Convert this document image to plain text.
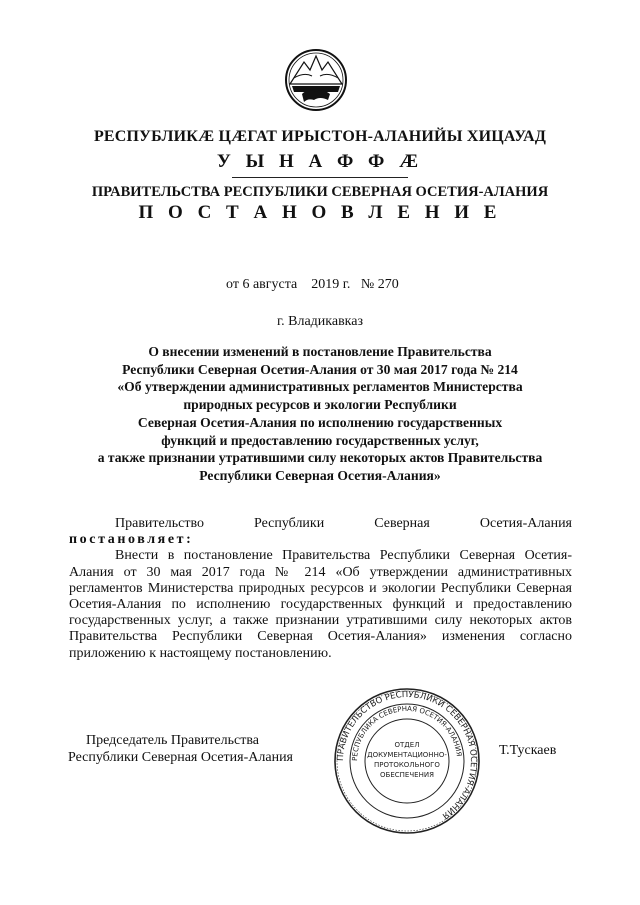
РЕСПУБЛИКӔ ЦӔГАТ ИРЫСТОН-АЛАНИЙЫ ХИЦАУАД
У Ы Н А Ф Ф Ӕ
ПРАВИТЕЛЬСТВА РЕСПУБЛИКИ СЕВЕРНАЯ ОСЕТИЯ-АЛАНИЯ
П О С Т А Н О В Л Е Н И Е
от 6 августа 2019 г. № 270
г. Владикавказ
О внесении изменений в постановление Правительства
Республики Северная Осетия-Алания от 30 мая 2017 года № 214
«Об утверждении административных регламентов Министерства
природных ресурсов и экологии Республики
Северная Осетия-Алания по исполнению государственных
функций и предоставлению государственных услуг,
а также признании утратившими силу некоторых актов Правительства
Республики Северная Осетия-Алания»
Правительство	Республики	Северная	Осетия-Алания
постановляет:
Внести в постановление Правительства Республики Северная Осетия-Алания от 30 мая 2017 года № 214 «Об утверждении административных регламентов Министерства природных ресурсов и экологии Республики Северная Осетия-Алания по исполнению государственных функций и предоставлению государственных услуг, а также признании утратившими силу некоторых актов Правительства Республики Северная Осетия-Алания» изменения согласно приложению к настоящему постановлению.
Председатель Правительства
Республики Северная Осетия-Алания	ПРАВИТЕЛЬСТВО РЕСПУБЛИКИ СЕВЕРНАЯ ОСЕТИЯ-АЛАНИЯ
РЕСПУБЛИКА СЕВЕРНАЯ ОСЕТИЯ-АЛАНИЯ
ОТДЕЛ
ДОКУМЕНТАЦИОННО-
ПРОТОКОЛЬНОГО
ОБЕСПЕЧЕНИЯ
Т.Тускаев
